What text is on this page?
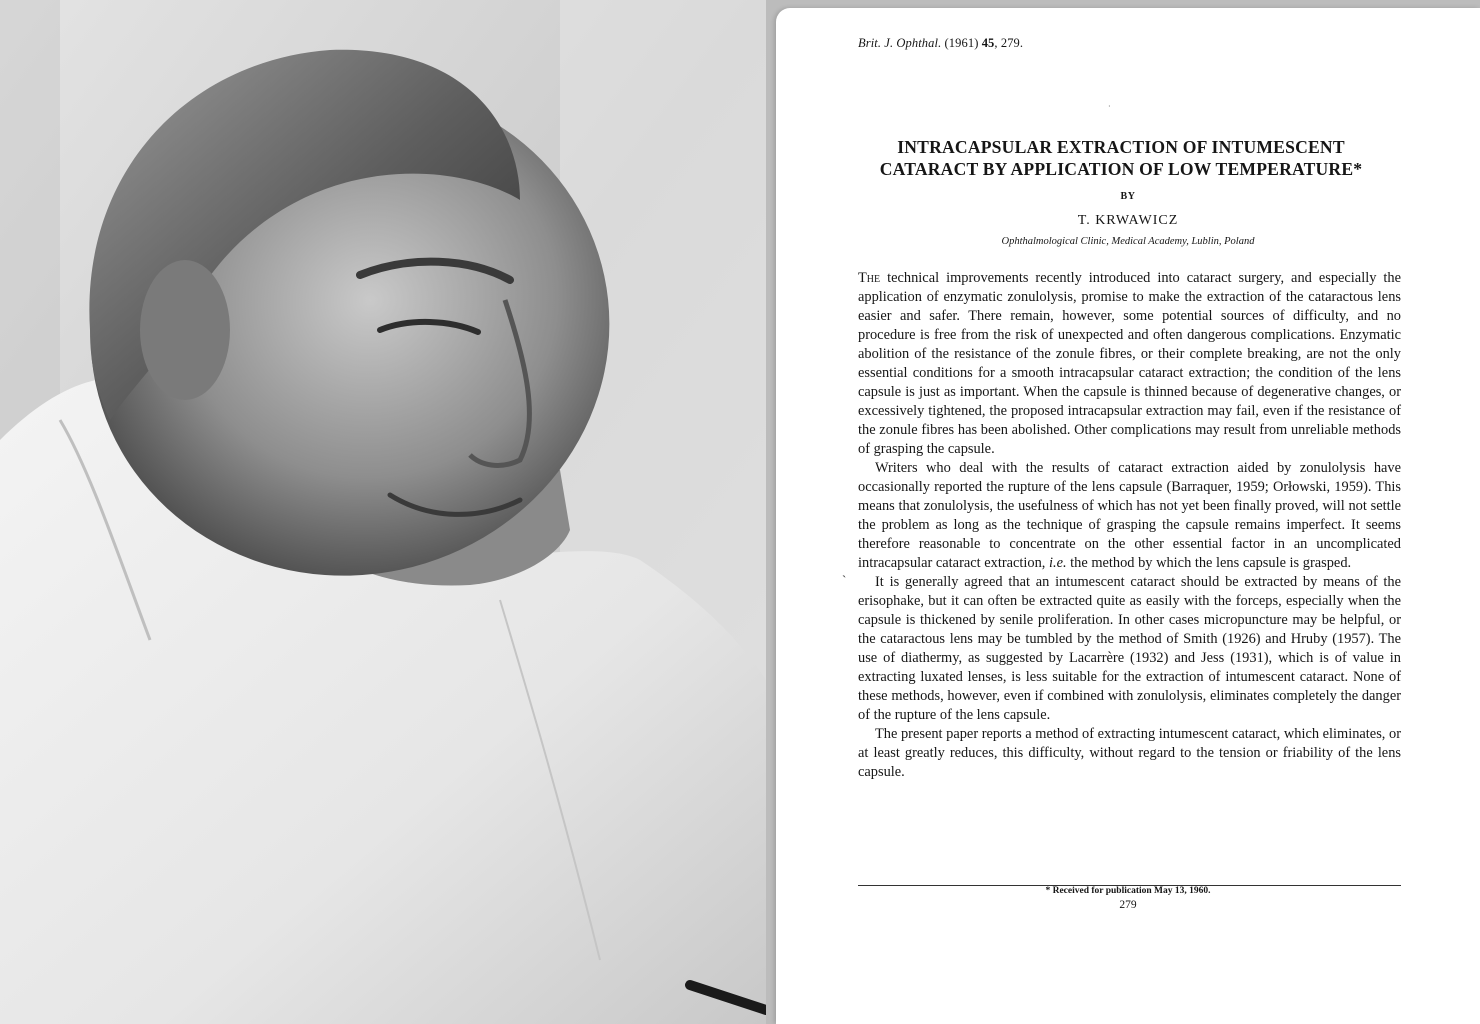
Brit. J. Ophthal. (1961) 45, 279.
·
INTRACAPSULAR EXTRACTION OF INTUMESCENT
CATARACT BY APPLICATION OF LOW TEMPERATURE*
BY
T. KRWAWICZ
Ophthalmological Clinic, Medical Academy, Lublin, Poland
ˏ

The technical improvements recently introduced into cataract surgery, and especially the application of enzymatic zonulolysis, promise to make the extraction of the cataractous lens easier and safer. There remain, however, some potential sources of difficulty, and no procedure is free from the risk of unexpected and often dangerous complications. Enzymatic abolition of the resistance of the zonule fibres, or their complete breaking, are not the only essential conditions for a smooth intracapsular cataract extraction; the condition of the lens capsule is just as important. When the capsule is thinned because of degenerative changes, or excessively tightened, the proposed intracapsular extraction may fail, even if the resistance of the zonule fibres has been abolished. Other complications may result from unreliable methods of grasping the capsule.

Writers who deal with the results of cataract extraction aided by zonulolysis have occasionally reported the rupture of the lens capsule (Barraquer, 1959; Orłowski, 1959). This means that zonulolysis, the usefulness of which has not yet been finally proved, will not settle the problem as long as the technique of grasping the capsule remains imperfect. It seems therefore reasonable to concentrate on the other essential factor in an uncomplicated intracapsular cataract extraction, i.e. the method by which the lens capsule is grasped.

It is generally agreed that an intumescent cataract should be extracted by means of the erisophake, but it can often be extracted quite as easily with the forceps, especially when the capsule is thickened by senile proliferation. In other cases micropuncture may be helpful, or the cataractous lens may be tumbled by the method of Smith (1926) and Hruby (1957). The use of diathermy, as suggested by Lacarrère (1932) and Jess (1931), which is of value in extracting luxated lenses, is less suitable for the extraction of intumescent cataract. None of these methods, however, even if combined with zonulolysis, eliminates completely the danger of the rupture of the lens capsule.

The present paper reports a method of extracting intumescent cataract, which eliminates, or at least greatly reduces, this difficulty, without regard to the tension or friability of the lens capsule.

* Received for publication May 13, 1960.
279
